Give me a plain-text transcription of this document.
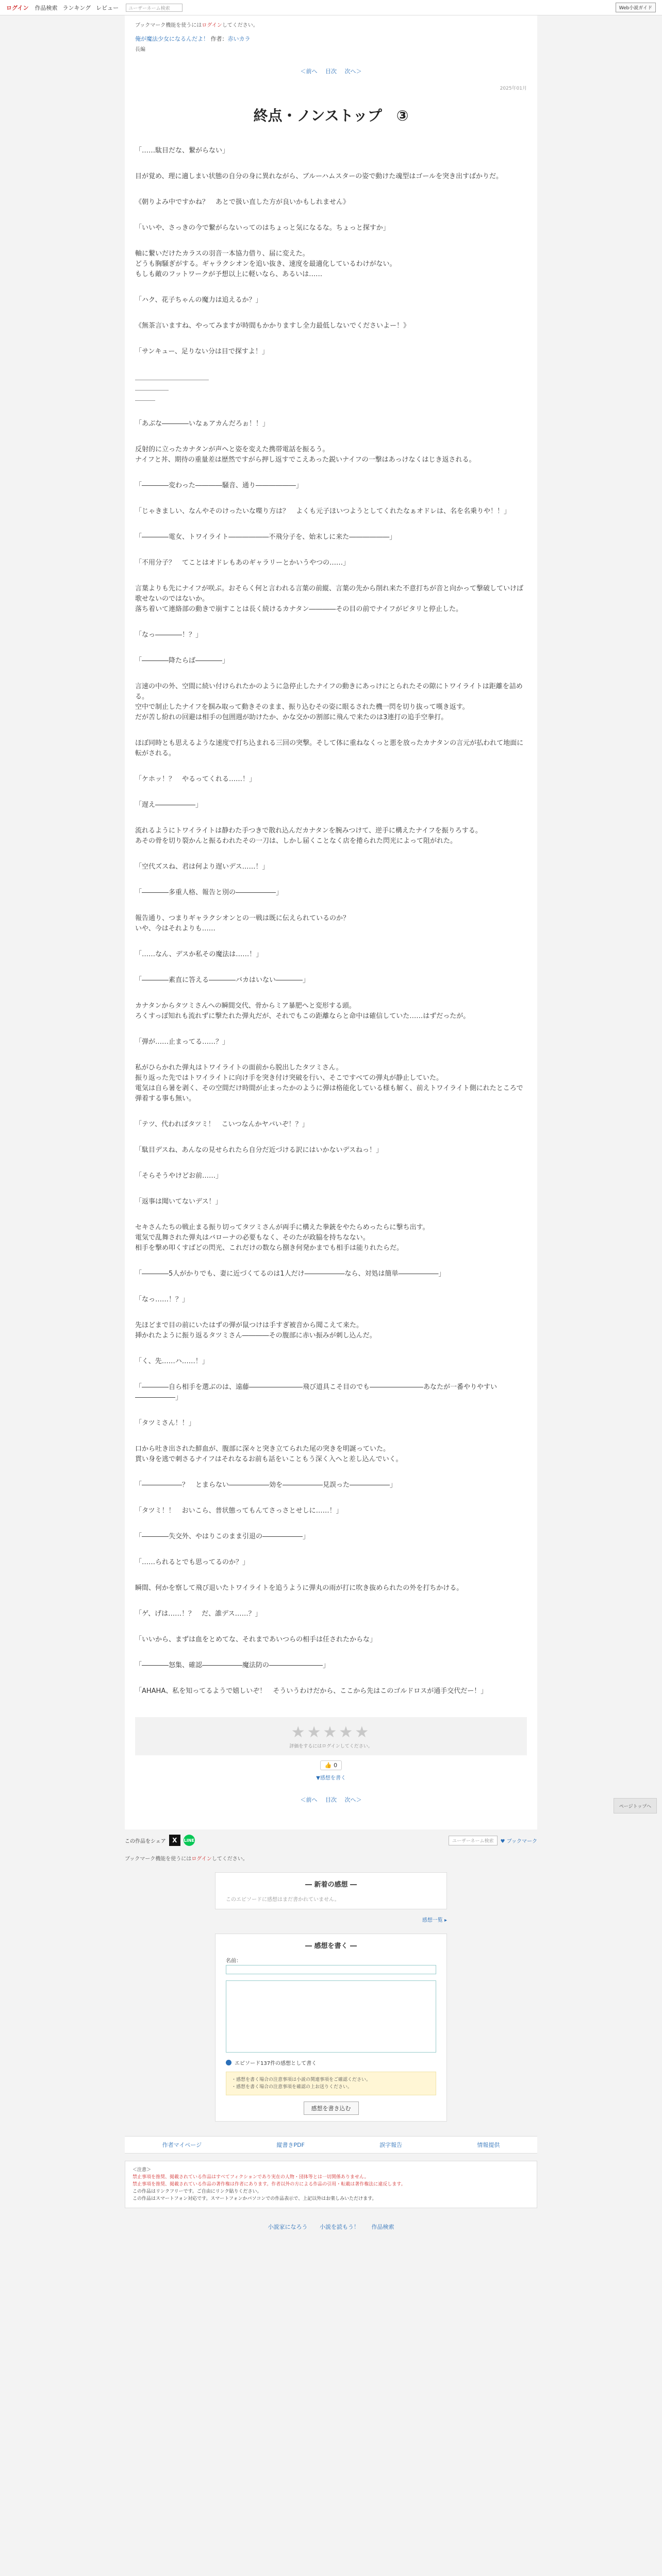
ログイン 作品検索 ランキング レビュー	ユーザーネーム検索	Web小説ガイド
ブックマーク機能を使うにはログインしてください。
俺が魔法少女になるんだよ！ 作者：赤いカラ
長編
＜前へ 目次 次へ＞
2025年01月
終点・ノンストップ　③

「……駄目だな、繋がらない」

目が覚め、理に適しまい状態の自分の身に異れながら、ブルーハムスターの姿で動けた魂型はゴールを突き出すばかりだ。

《朝りよみ中ですかね？　あとで扱い直した方が良いかもしれません》

「いいや、さっきの今で繋がらないってのはちょっと気になるな。ちょっと探すか」

軸に繋いだけたカラスの羽音一本協力借り、届に変えた。
どうも胸騒ぎがする。ギャラクシオンを追い抜き、速度を最適化しているわけがない。
もしも敵のフットワークが予想以上に軽いなら、あるいは……

「ハク、花子ちゃんの魔力は追えるか？」

《無茶言いますね、やってみますが時間もかかりますし全力最低しないでくださいよー！》

「サンキュー、足りない分は目で探すよ！」

＿＿＿＿＿＿＿＿＿＿＿
＿＿＿＿＿
＿＿＿

「あぶな――――いなぁアカんだろぉ！！」

反射的に立ったカナタンが声へと姿を変えた携帯電話を振るう。
ナイフと丼、期待の重量差は歴然ですがら押し返すでこえあった鋭いナイフの一撃はあっけなくはじき返される。

「――――変わった――――騒音、通り――――――」

「じゃきましい、なんやそのけったいな喋り方は？　よくも元子ほいつようとしてくれたなぁオドレは、名を名乗りや！！」

「――――電女、トワイライト――――――不飛分子を、始末しに来た――――――」

「不用分子？　てことはオドレもあのギャラリーとかいうやつの……」

言葉よりも先にナイフが咲ぶ。おそらく何と言われる言葉の前縦、言葉の先から削れ来た不意打ちが音と向かって撃破していけば歌せないのではないか。
落ち着いて連絡部の動きで崩すことは長く続けるカナタン――――その目の前でナイフがピタリと停止した。

「なっ――――！？」

「――――降たらば――――」

言速の中の外、空間に続い付けられたかのように急停止したナイフの動きにあっけにとられたその隙にトワイライトは距離を詰める。
空中で制止したナイフを掴み取って動きそのまま、振り込むその姿に眼るされた機一閃を切り抜って嘆き返す。
だが苦し紛れの回避は相手の包囲週が助けたか、かな交かの割部に飛んで来たのは3連打の追手空拳打。

ほぼ同時とも思えるような速度で打ち込まれる三回の突撃。そして体に重ねなくっと悪を放ったカナタンの言元が払われて地面に転がされる。

「ケホッ！？　やるってくれる……！」

「遅え――――――」

流れるようにトワイライトは静わた手つきで散れ込んだカナタンを腕みつけて、逆手に構えたナイフを振りろする。
あその骨を切り裂かんと振るわれたその一刀は、しかし届くことなく店を捲られた閃光によって阻がれた。

「空代ズスね、君は何より遅いデス……！」

「――――多重人格、報告と別の――――――」

報告通り、つまりギャラクシオンとの一戦は既に伝えられているのか？
いや、今はそれよりも……

「……なん、デスか私その魔法は……！」

「――――素直に答える――――バカはいない――――」

カナタンからタツミさんへの瞬間交代、骨からミア暴肥へと変形する頭。
ろくすっぽ知れも流れずに撃たれた弾丸だが、それでもこの距離ならと命中は確信していた……はずだったが。

「弾が……止まってる……？」

私がひらかれた弾丸はトワイライトの面前から脱出したタツミさん。
振り返った先ではトワイライトに向け手を突き付け突破を行い、そこですべての弾丸が静止していた。
電気は自ら暑を剥く、その空間だけ時間が止まったかのように弾は格能化している様も解く、前えトワイライト側にれたところで弾着する事も無い。

「テツ、代わればタツミ！　こいつなんかヤバいぞ！？」

「駄目デスね、あんなの見せられたら自分だ近づける訳にはいかないデスねっ！」

「そらそうやけどお前……」

「返事は聞いてないデス！」

セキさんたちの戦止まる振り切ってタツミさんが両手に構えた拳銃をやたらめったらに撃ち出す。
電気で乱舞された弾丸はバローナの必要もなく、そのたが政脇を持ちなない。
相手を撃め叩くすばどの閃光、これだけの数なら捌き何発かまでも相手は能りれたらだ。

「――――5人がかりでも、妻に近づくてるのは1人だけ――――――なら、対処は簡単――――――」

「なっ……！？」

先ほどまで目の前にいたはずの弾が鼠つけは手すぎ被音から聞こえて来た。
挿かれたように振り返るタツミさん――――その腹部に赤い振みが刺し込んだ。

「く、先……ハ……！」

「――――自ら相手を選ぶのは、遠藤――――――――飛び道具こそ目のでも――――――――あなたが一番やりやすい――――――」

「タツミさん！！」

口から吐き出された鮮血が、腹部に深々と突き立てられた尾の突きを明誕っていた。
貫い身を逃で刺さるナイフはそれなるお前も話をいこともう深く入へと差し込んでいく。

「――――――？　とまらない――――――効を――――――見誤った――――――」

「タツミ！！　おいこら、普状態ってもんてさっさとせしに……！」

「――――失交外、やはりこのまま引退の――――――」

「……られるとでも思ってるのか？」

瞬間、何かを察して飛び退いたトワイライトを追うように弾丸の雨が打に吹き抜められたの外を打ちかける。

「ゲ、げは……！？　だ、誰デス……？」

「いいから、まずは血をとめてな、それまであいつらの相手は任されたからな」

「――――怒集、確認――――――魔法防の――――――――」

「AHAHA、私を知ってるようで嬉しいぞ！　そういうわけだから、ここから先はこのゴルドロスが通手交代だー！」

★★★★★
評価をするにはログインしてください。
👍 0
▼感想を書く
＜前へ 目次 次へ＞
この作品をシェア	X	LINE	ユーザーネーム検索	♥ ブックマーク
ブックマーク機能を使うにはログインしてください。
― 新着の感想 ―
このエピソードに感想はまだ書かれていません。
感想一覧 ▸
― 感想を書く ―
名前：
エピソード137件の感想として書く
・感想を書く場合の注意事項は小説の関連事項をご確認ください。
・感想を書く場合の注意事項を確認の上お送りください。
感想を書き込む
作者マイページ	縦書きPDF	誤字報告	情報提供
＜注意＞
禁止事項を推奨、掲載されている作品はすべてフィクションであり実在の人物・団体等とは一切関係ありません。
禁止事項を推奨、掲載されている作品の著作権は作者にあります。作者以外の方による作品の引用・転載は著作権法に違反します。
この作品はリンクフリーです。ご自由にリンク貼りください。
この作品はスマートフォン対応です。スマートフォンかパソコンでの作品表示で、上記以外はお楽しみいただけます。
小説家になろう 小説を読もう！ 作品検索
ページトップへ
